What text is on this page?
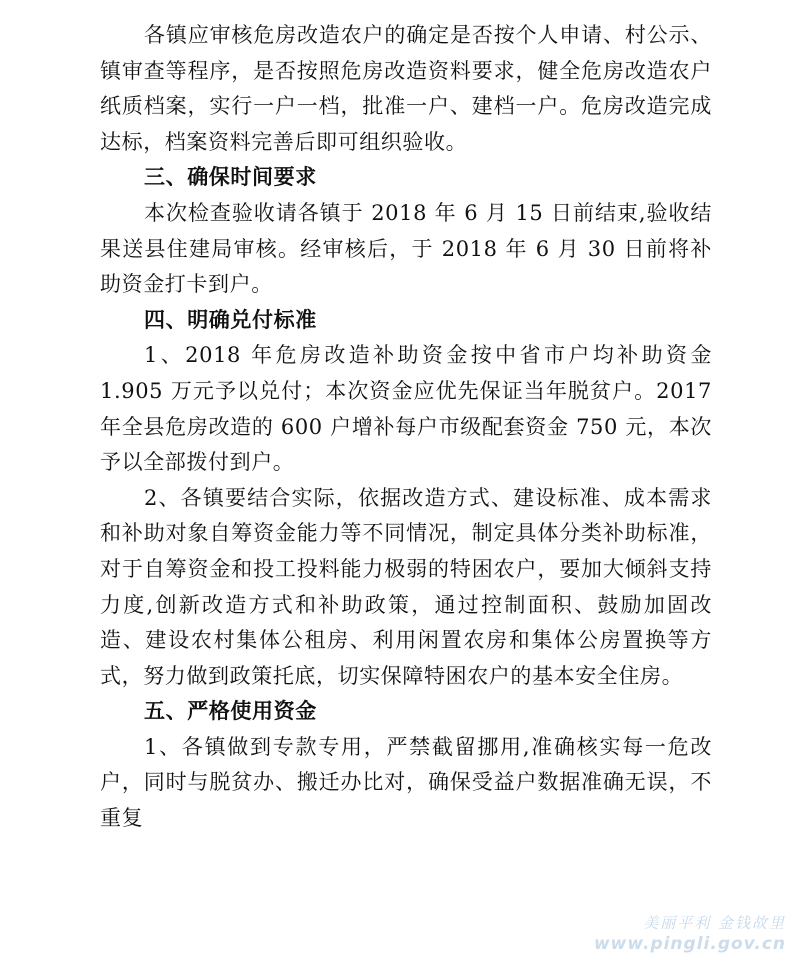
各镇应审核危房改造农户的确定是否按个人申请、村公示、镇审查等程序，是否按照危房改造资料要求，健全危房改造农户纸质档案，实行一户一档，批准一户、建档一户。危房改造完成达标，档案资料完善后即可组织验收。

三、确保时间要求

本次检查验收请各镇于 2018 年 6 月 15 日前结束,验收结果送县住建局审核。经审核后，于 2018 年 6 月 30 日前将补助资金打卡到户。

四、明确兑付标准

1、2018 年危房改造补助资金按中省市户均补助资金 1.905 万元予以兑付；本次资金应优先保证当年脱贫户。2017 年全县危房改造的 600 户增补每户市级配套资金 750 元，本次予以全部拨付到户。

2、各镇要结合实际，依据改造方式、建设标准、成本需求和补助对象自筹资金能力等不同情况，制定具体分类补助标准，对于自筹资金和投工投料能力极弱的特困农户，要加大倾斜支持力度,创新改造方式和补助政策，通过控制面积、鼓励加固改造、建设农村集体公租房、利用闲置农房和集体公房置换等方式，努力做到政策托底，切实保障特困农户的基本安全住房。

五、严格使用资金

1、各镇做到专款专用，严禁截留挪用,准确核实每一危改户，同时与脱贫办、搬迁办比对，确保受益户数据准确无误，不重复

美丽平利 金钱故里
www.pingli.gov.cn
